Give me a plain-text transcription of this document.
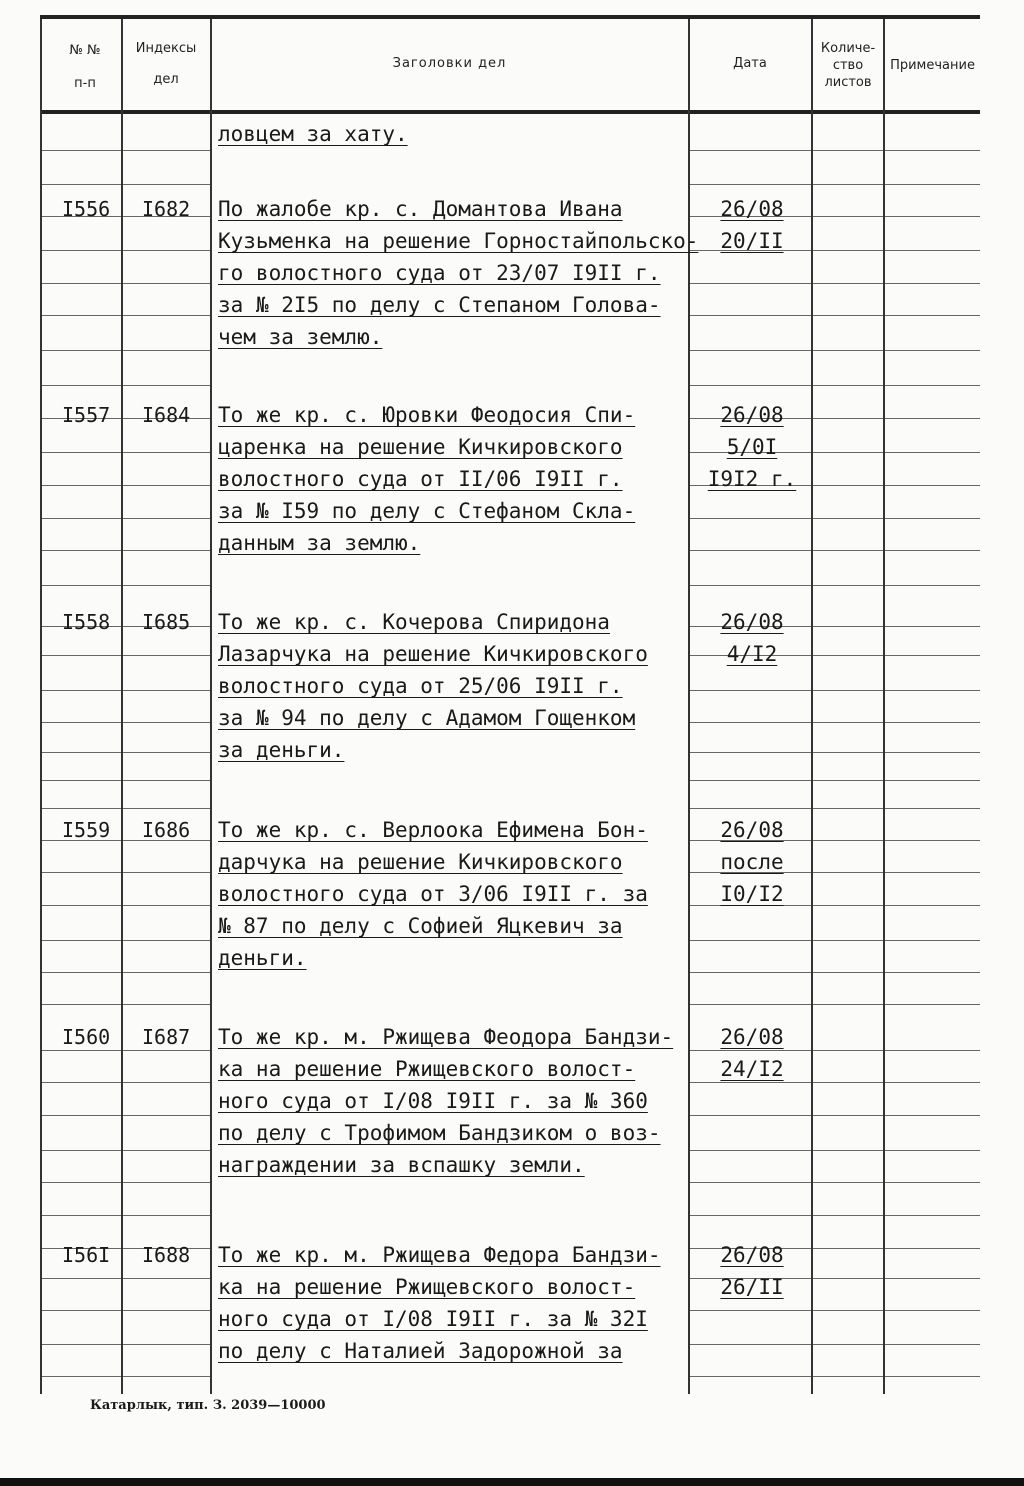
№ №
п-п
Индексы
дел
Заголовки дел	Дата
Количе-
ство
листов
Примечание
ловцем за хату.
I556 I682 По жалобе кр. с. Домантова Ивана
Кузьменка на решение Горностайпольско-
го волостного суда от 23/07 I9II г.
за № 2I5 по делу с Степаном Голова-
чем за землю.
26/08
20/II
I557 I684 То же кр. с. Юровки Феодосия Спи-
царенка на решение Кичкировского
волостного суда от II/06 I9II г.
за № I59 по делу с Стефаном Скла-
данным за землю.
26/08
5/0I
I9I2 г.
I558 I685 То же кр. с. Кочерова Спиридона
Лазарчука на решение Кичкировского
волостного суда от 25/06 I9II г.
за № 94 по делу с Адамом Гощенком
за деньги.
26/08
4/I2
I559 I686 То же кр. с. Верлоока Ефимена Бон-
дарчука на решение Кичкировского
волостного суда от 3/06 I9II г. за
№ 87 по делу с Софией Яцкевич за
деньги.
26/08
после
I0/I2
I560 I687 То же кр. м. Ржищева Феодора Бандзи-
ка на решение Ржищевского волост-
ного суда от I/08 I9II г. за № 360
по делу с Трофимом Бандзиком о воз-
награждении за вспашку земли.
26/08
24/I2
I56I I688 То же кр. м. Ржищева Федора Бандзи-
ка на решение Ржищевского волост-
ного суда от I/08 I9II г. за № 32I
по делу с Наталией Задорожной за
26/08
26/II
Катарлык, тип. З. 2039—10000
